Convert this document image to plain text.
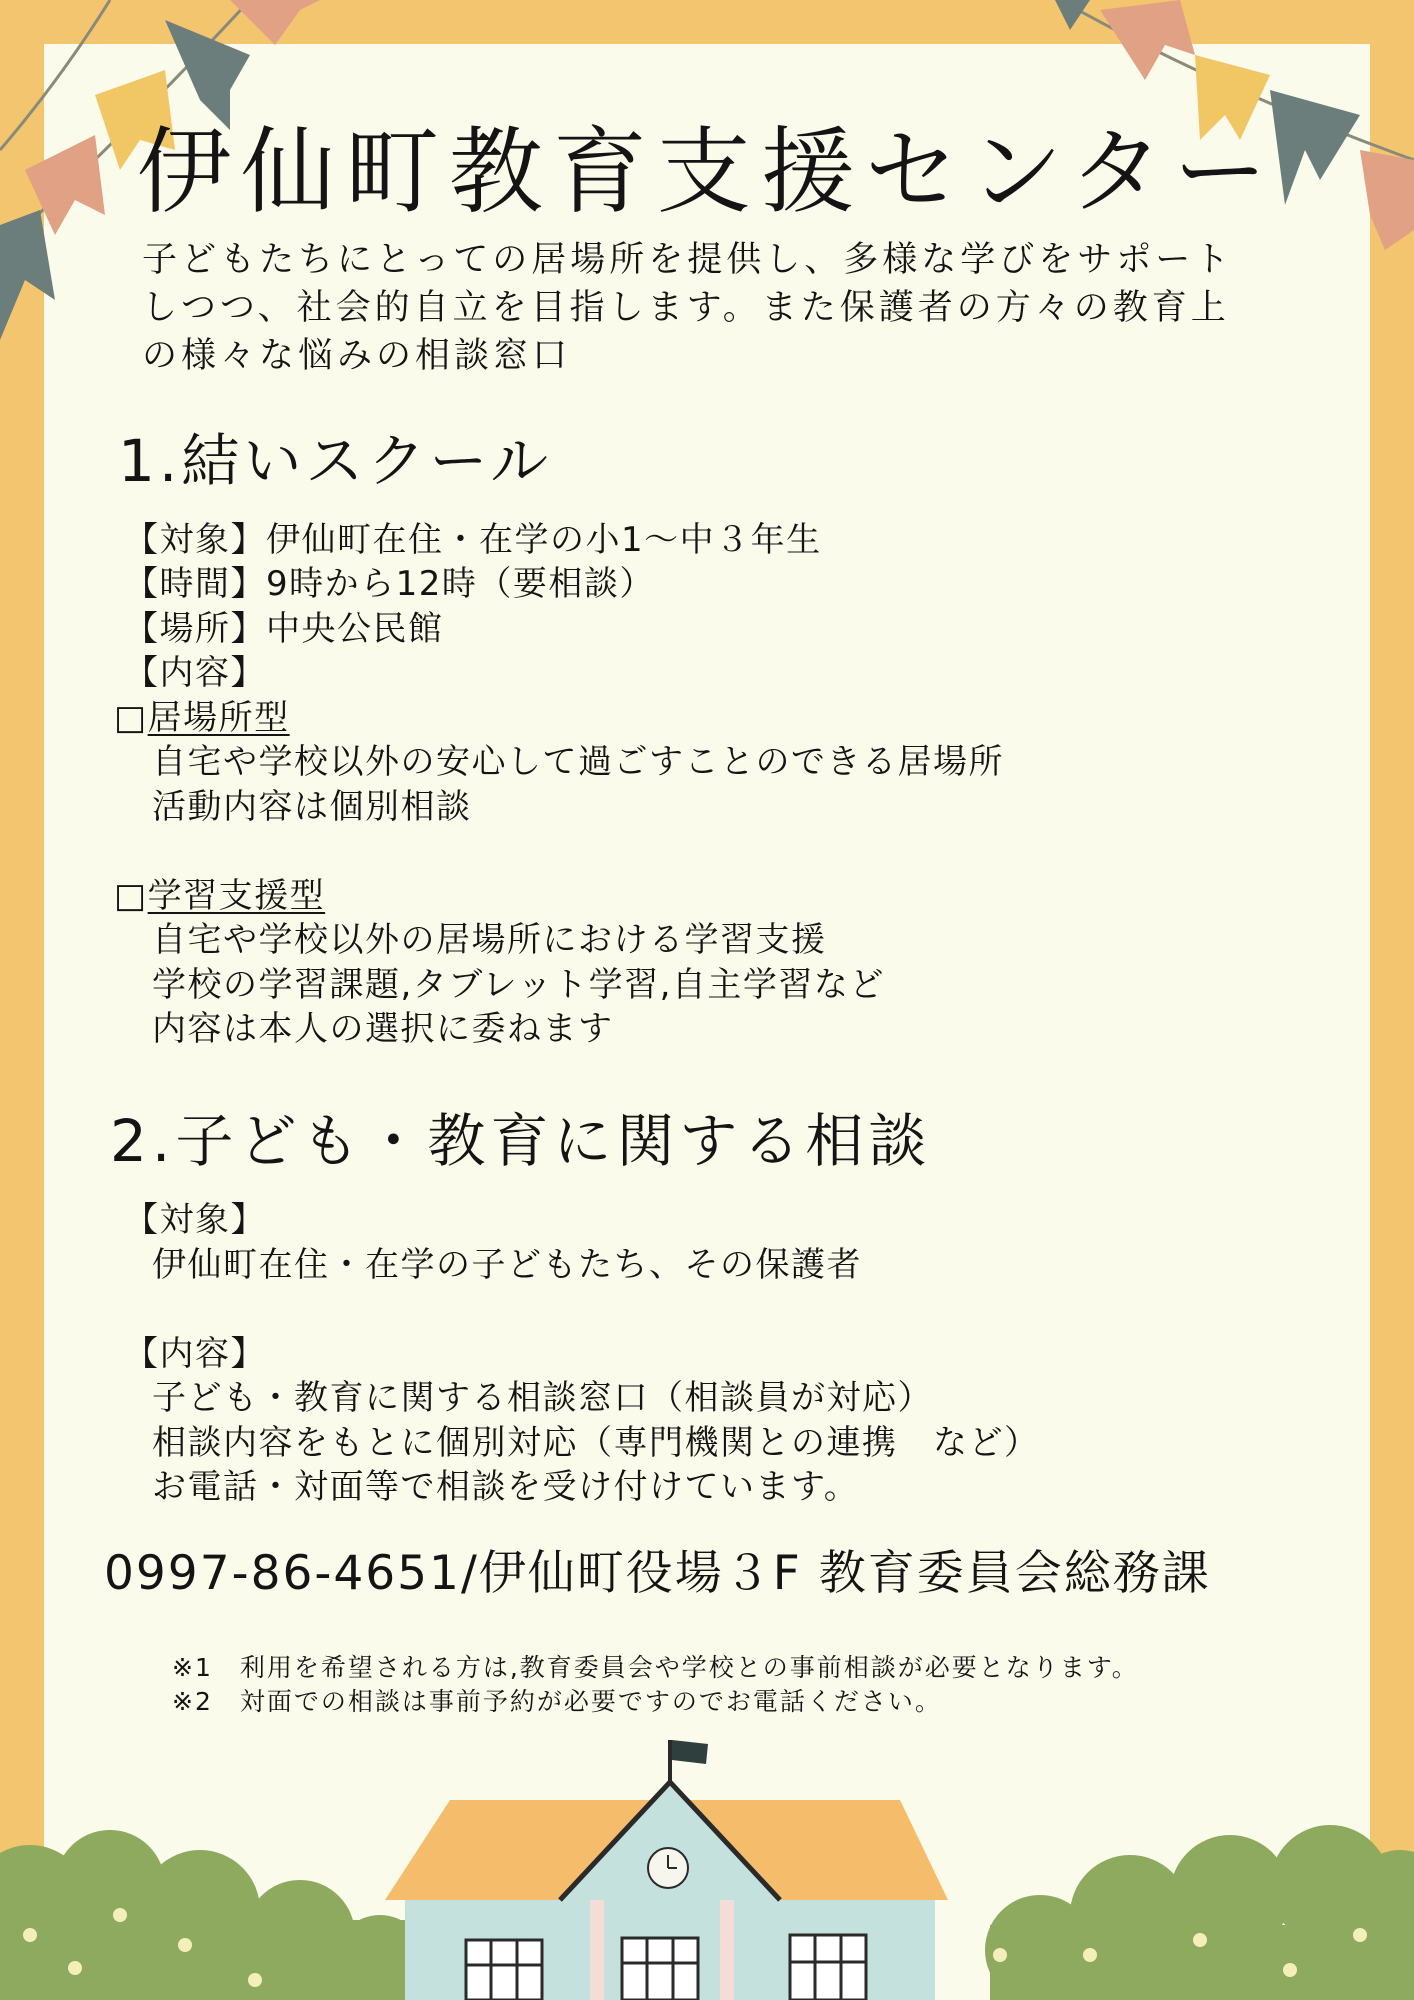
伊仙町教育支援センター
子どもたちにとっての居場所を提供し、多様な学びをサポート
しつつ、社会的自立を目指します。また保護者の方々の教育上
の様々な悩みの相談窓口
1.結いスクール
【対象】伊仙町在住・在学の小1～中３年生
【時間】9時から12時（要相談）
【場所】中央公民館
【内容】
□居場所型
自宅や学校以外の安心して過ごすことのできる居場所
活動内容は個別相談
□学習支援型
自宅や学校以外の居場所における学習支援
学校の学習課題,タブレット学習,自主学習など
内容は本人の選択に委ねます
2.子ども・教育に関する相談
【対象】
伊仙町在住・在学の子どもたち、その保護者
【内容】
子ども・教育に関する相談窓口（相談員が対応）
相談内容をもとに個別対応（専門機関との連携　など）
お電話・対面等で相談を受け付けています。
0997-86-4651/伊仙町役場３F 教育委員会総務課
※1　利用を希望される方は,教育委員会や学校との事前相談が必要となります。
※2　対面での相談は事前予約が必要ですのでお電話ください。
